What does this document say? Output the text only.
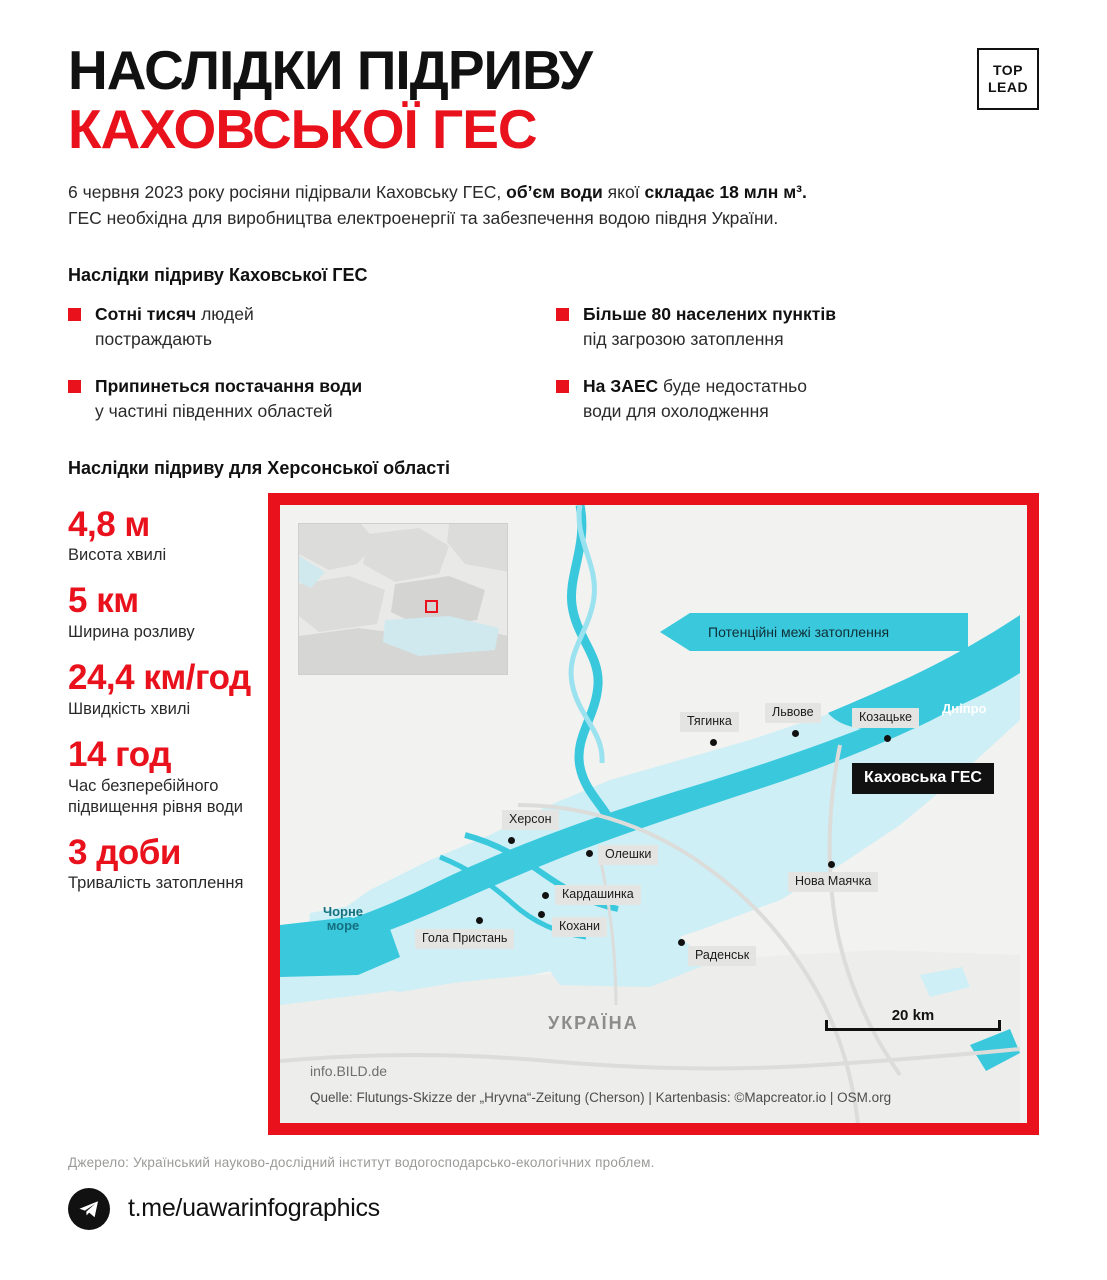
НАСЛІДКИ ПІДРИВУ
КАХОВСЬКОЇ ГЕС
TOP
LEAD
6 червня 2023 року росіяни підірвали Каховську ГЕС, об’єм води якої складає 18 млн м³.
ГЕС необхідна для виробництва електроенергії та забезпечення водою півдня України.
Наслідки підриву Каховської ГЕС
Сотні тисяч людей
постраждають
Більше 80 населених пунктів
під загрозою затоплення
Припинеться постачання води
у частині південних областей
На ЗАЕС буде недостатньо
води для охолодження
Наслідки підриву для Херсонської області
4,8 м
Висота хвилі
5 км
Ширина розливу
24,4 км/год
Швидкість хвилі
14 год
Час безперебійного підвищення рівня води
3 доби
Тривалість затоплення
Потенційні межі затоплення
Дніпро
Тягинка
Львове	Козацьке
Херсон
Олешки
Нова Маячка
Кардашинка
Кохани
Гола Пристань
Раденськ
Каховська ГЕС
Чорне
море
УКРАЇНА	20 km
info.BILD.de
Quelle: Flutungs-Skizze der „Hryvna“-Zeitung (Cherson) | Kartenbasis: ©Mapcreator.io | OSM.org
Джерело: Український науково-дослідний інститут водогосподарсько-екологічних проблем.
t.me/uawarinfographics
